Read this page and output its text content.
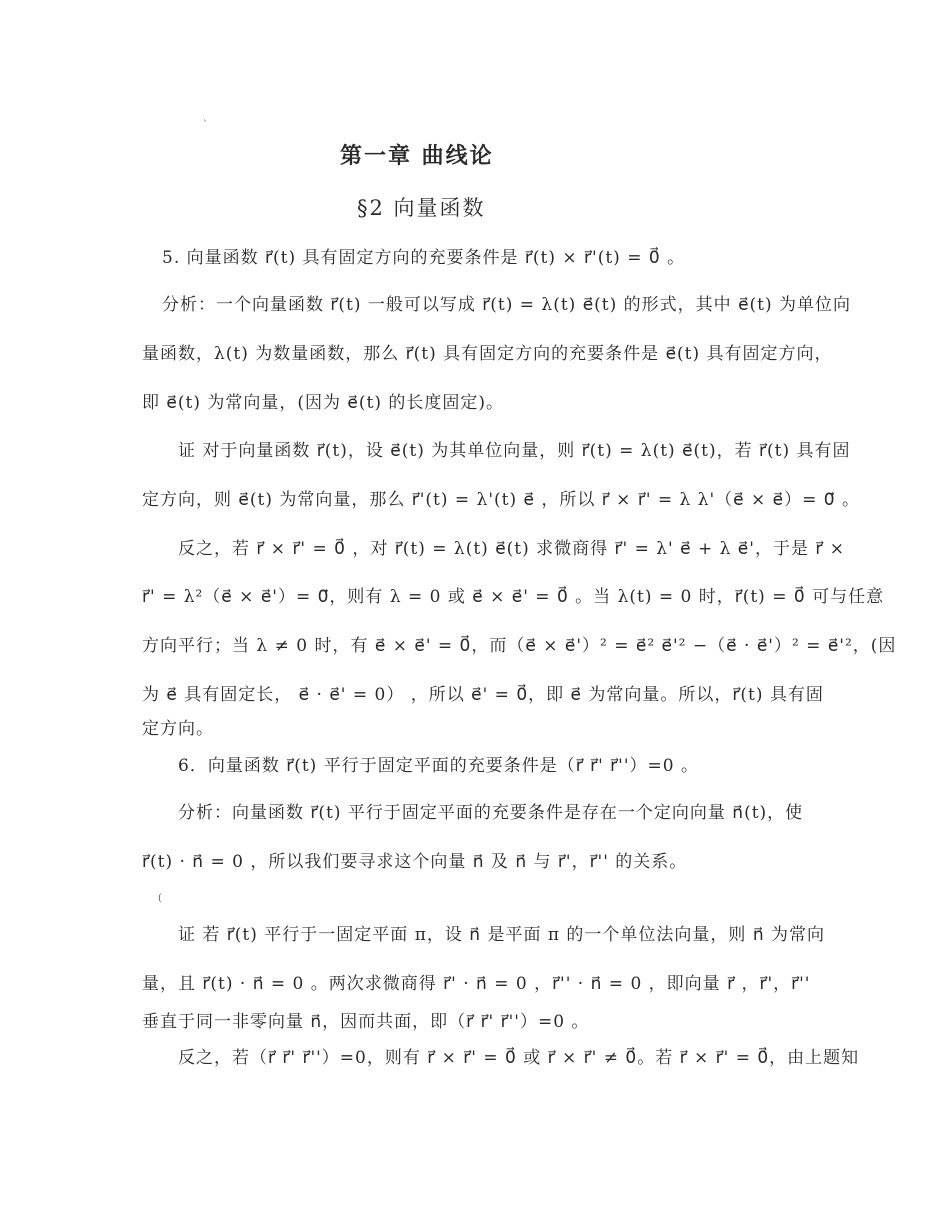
`
第一章 曲线论
§2 向量函数
5. 向量函数 r⃗(t) 具有固定方向的充要条件是 r⃗(t) × r⃗'(t) = 0⃗ 。
分析：一个向量函数 r⃗(t) 一般可以写成 r⃗(t) = λ(t) e⃗(t) 的形式，其中 e⃗(t) 为单位向
量函数，λ(t) 为数量函数，那么 r⃗(t) 具有固定方向的充要条件是 e⃗(t) 具有固定方向，
即 e⃗(t) 为常向量，(因为 e⃗(t) 的长度固定)。
证 对于向量函数 r⃗(t)，设 e⃗(t) 为其单位向量，则 r⃗(t) = λ(t) e⃗(t)，若 r⃗(t) 具有固
定方向，则 e⃗(t) 为常向量，那么 r⃗'(t) = λ'(t) e⃗ ，所以 r⃗ × r⃗' = λ λ'（e⃗ × e⃗）= 0⃗ 。
反之，若 r⃗ × r⃗' = 0⃗ ，对 r⃗(t) = λ(t) e⃗(t) 求微商得 r⃗' = λ' e⃗ + λ e⃗'，于是 r⃗ ×
r⃗' = λ²（e⃗ × e⃗'）= 0⃗，则有 λ = 0 或 e⃗ × e⃗' = 0⃗ 。当 λ(t) = 0 时，r⃗(t) = 0⃗ 可与任意
方向平行；当 λ ≠ 0 时，有 e⃗ × e⃗' = 0⃗，而（e⃗ × e⃗'）² = e⃗² e⃗'² −（e⃗ · e⃗'）² = e⃗'²，(因
为 e⃗ 具有固定长， e⃗ · e⃗' = 0） ，所以 e⃗' = 0⃗，即 e⃗ 为常向量。所以，r⃗(t) 具有固
定方向。
6．向量函数 r⃗(t) 平行于固定平面的充要条件是（r⃗ r⃗' r⃗''）=0 。
分析：向量函数 r⃗(t) 平行于固定平面的充要条件是存在一个定向向量 n⃗(t)，使
r⃗(t) · n⃗ = 0 ，所以我们要寻求这个向量 n⃗ 及 n⃗ 与 r⃗'，r⃗'' 的关系。
(
证 若 r⃗(t) 平行于一固定平面 π，设 n⃗ 是平面 π 的一个单位法向量，则 n⃗ 为常向
量，且 r⃗(t) · n⃗ = 0 。两次求微商得 r⃗' · n⃗ = 0 ，r⃗'' · n⃗ = 0 ，即向量 r⃗ ，r⃗'，r⃗''
垂直于同一非零向量 n⃗，因而共面，即（r⃗ r⃗' r⃗''）=0 。
反之，若（r⃗ r⃗' r⃗''）=0，则有 r⃗ × r⃗' = 0⃗ 或 r⃗ × r⃗' ≠ 0⃗。若 r⃗ × r⃗' = 0⃗，由上题知
